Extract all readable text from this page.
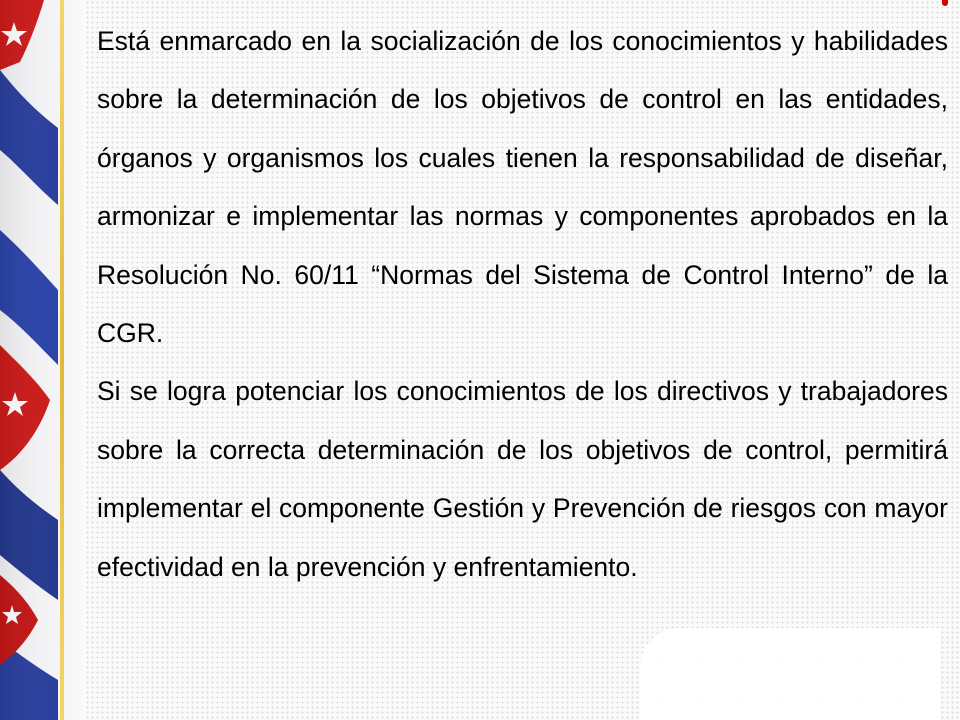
Está enmarcado en la socialización de los conocimientos y habilidades sobre la determinación de los objetivos de control en las entidades, órganos y organismos los cuales tienen la responsabilidad de diseñar, armonizar e implementar las normas y componentes aprobados en la Resolución No. 60/11 “Normas del Sistema de Control Interno” de la CGR.

Si se logra potenciar los conocimientos de los directivos y trabajadores sobre la correcta determinación de los objetivos de control, permitirá implementar el componente Gestión y Prevención de riesgos con mayor efectividad en la prevención y enfrentamiento.
